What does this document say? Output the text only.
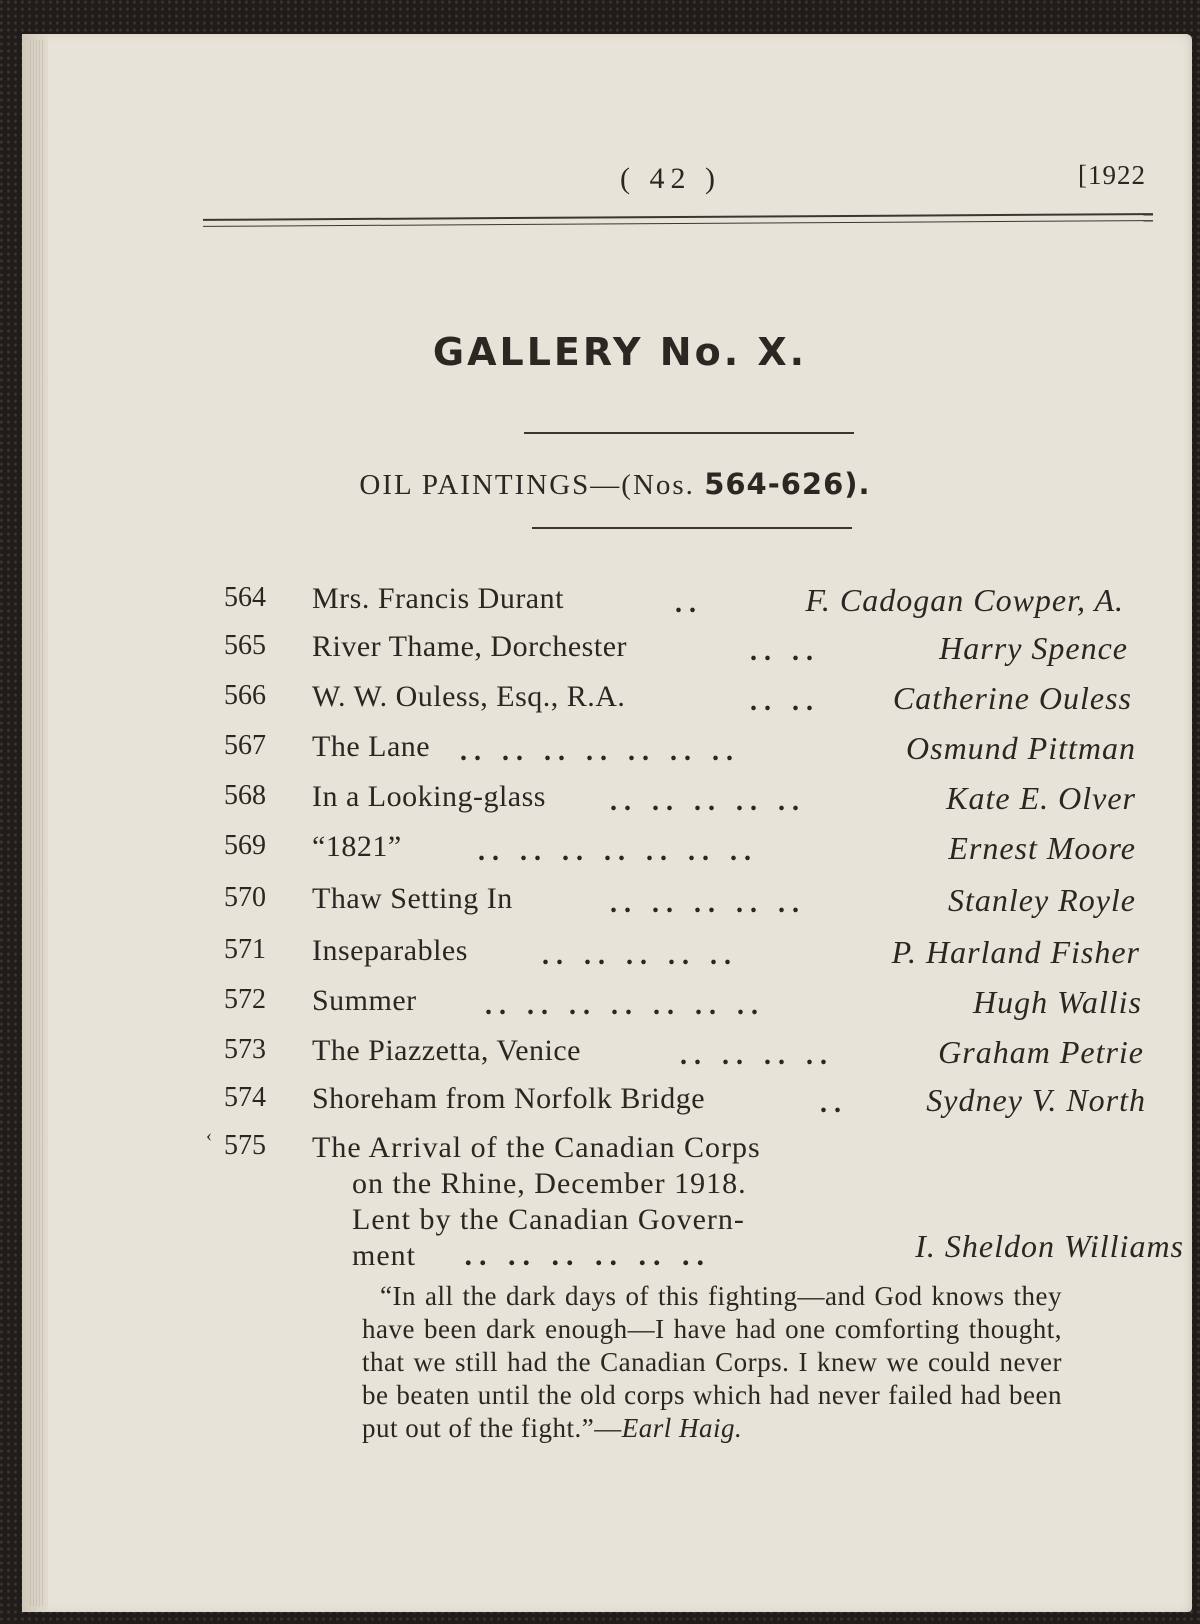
( 42 )	[1922
GALLERY No. X.
OIL PAINTINGS—(Nos. 564-626).
564 Mrs. Francis Durant	..	F. Cadogan Cowper, A.
565 River Thame, Dorchester	.. ..	Harry Spence
566 W. W. Ouless, Esq., R.A.	.. .. Catherine Ouless
567 The Lane .. .. .. .. .. .. ..	Osmund Pittman
568 In a Looking-glass .. .. .. .. ..	Kate E. Olver
569 “1821”	.. .. .. .. .. .. ..	Ernest Moore
570 Thaw Setting In	.. .. .. .. ..	Stanley Royle
571 Inseparables	.. .. .. .. ..	P. Harland Fisher
572 Summer .. .. .. .. .. .. ..	Hugh Wallis
573 The Piazzetta, Venice	.. .. .. ..	Graham Petrie
574 Shoreham from Norfolk Bridge	.. Sydney V. North
‹ 575 The Arrival of the Canadian Corps
on the Rhine, December 1918.
Lent by the Canadian Govern-
ment .. .. .. .. .. ..	I. Sheldon Williams
“In all the dark days of this fighting—and God knows they have been dark enough—I have had one comforting thought, that we still had the Canadian Corps. I knew we could never be beaten until the old corps which had never failed had been put out of the fight.”—Earl Haig.
